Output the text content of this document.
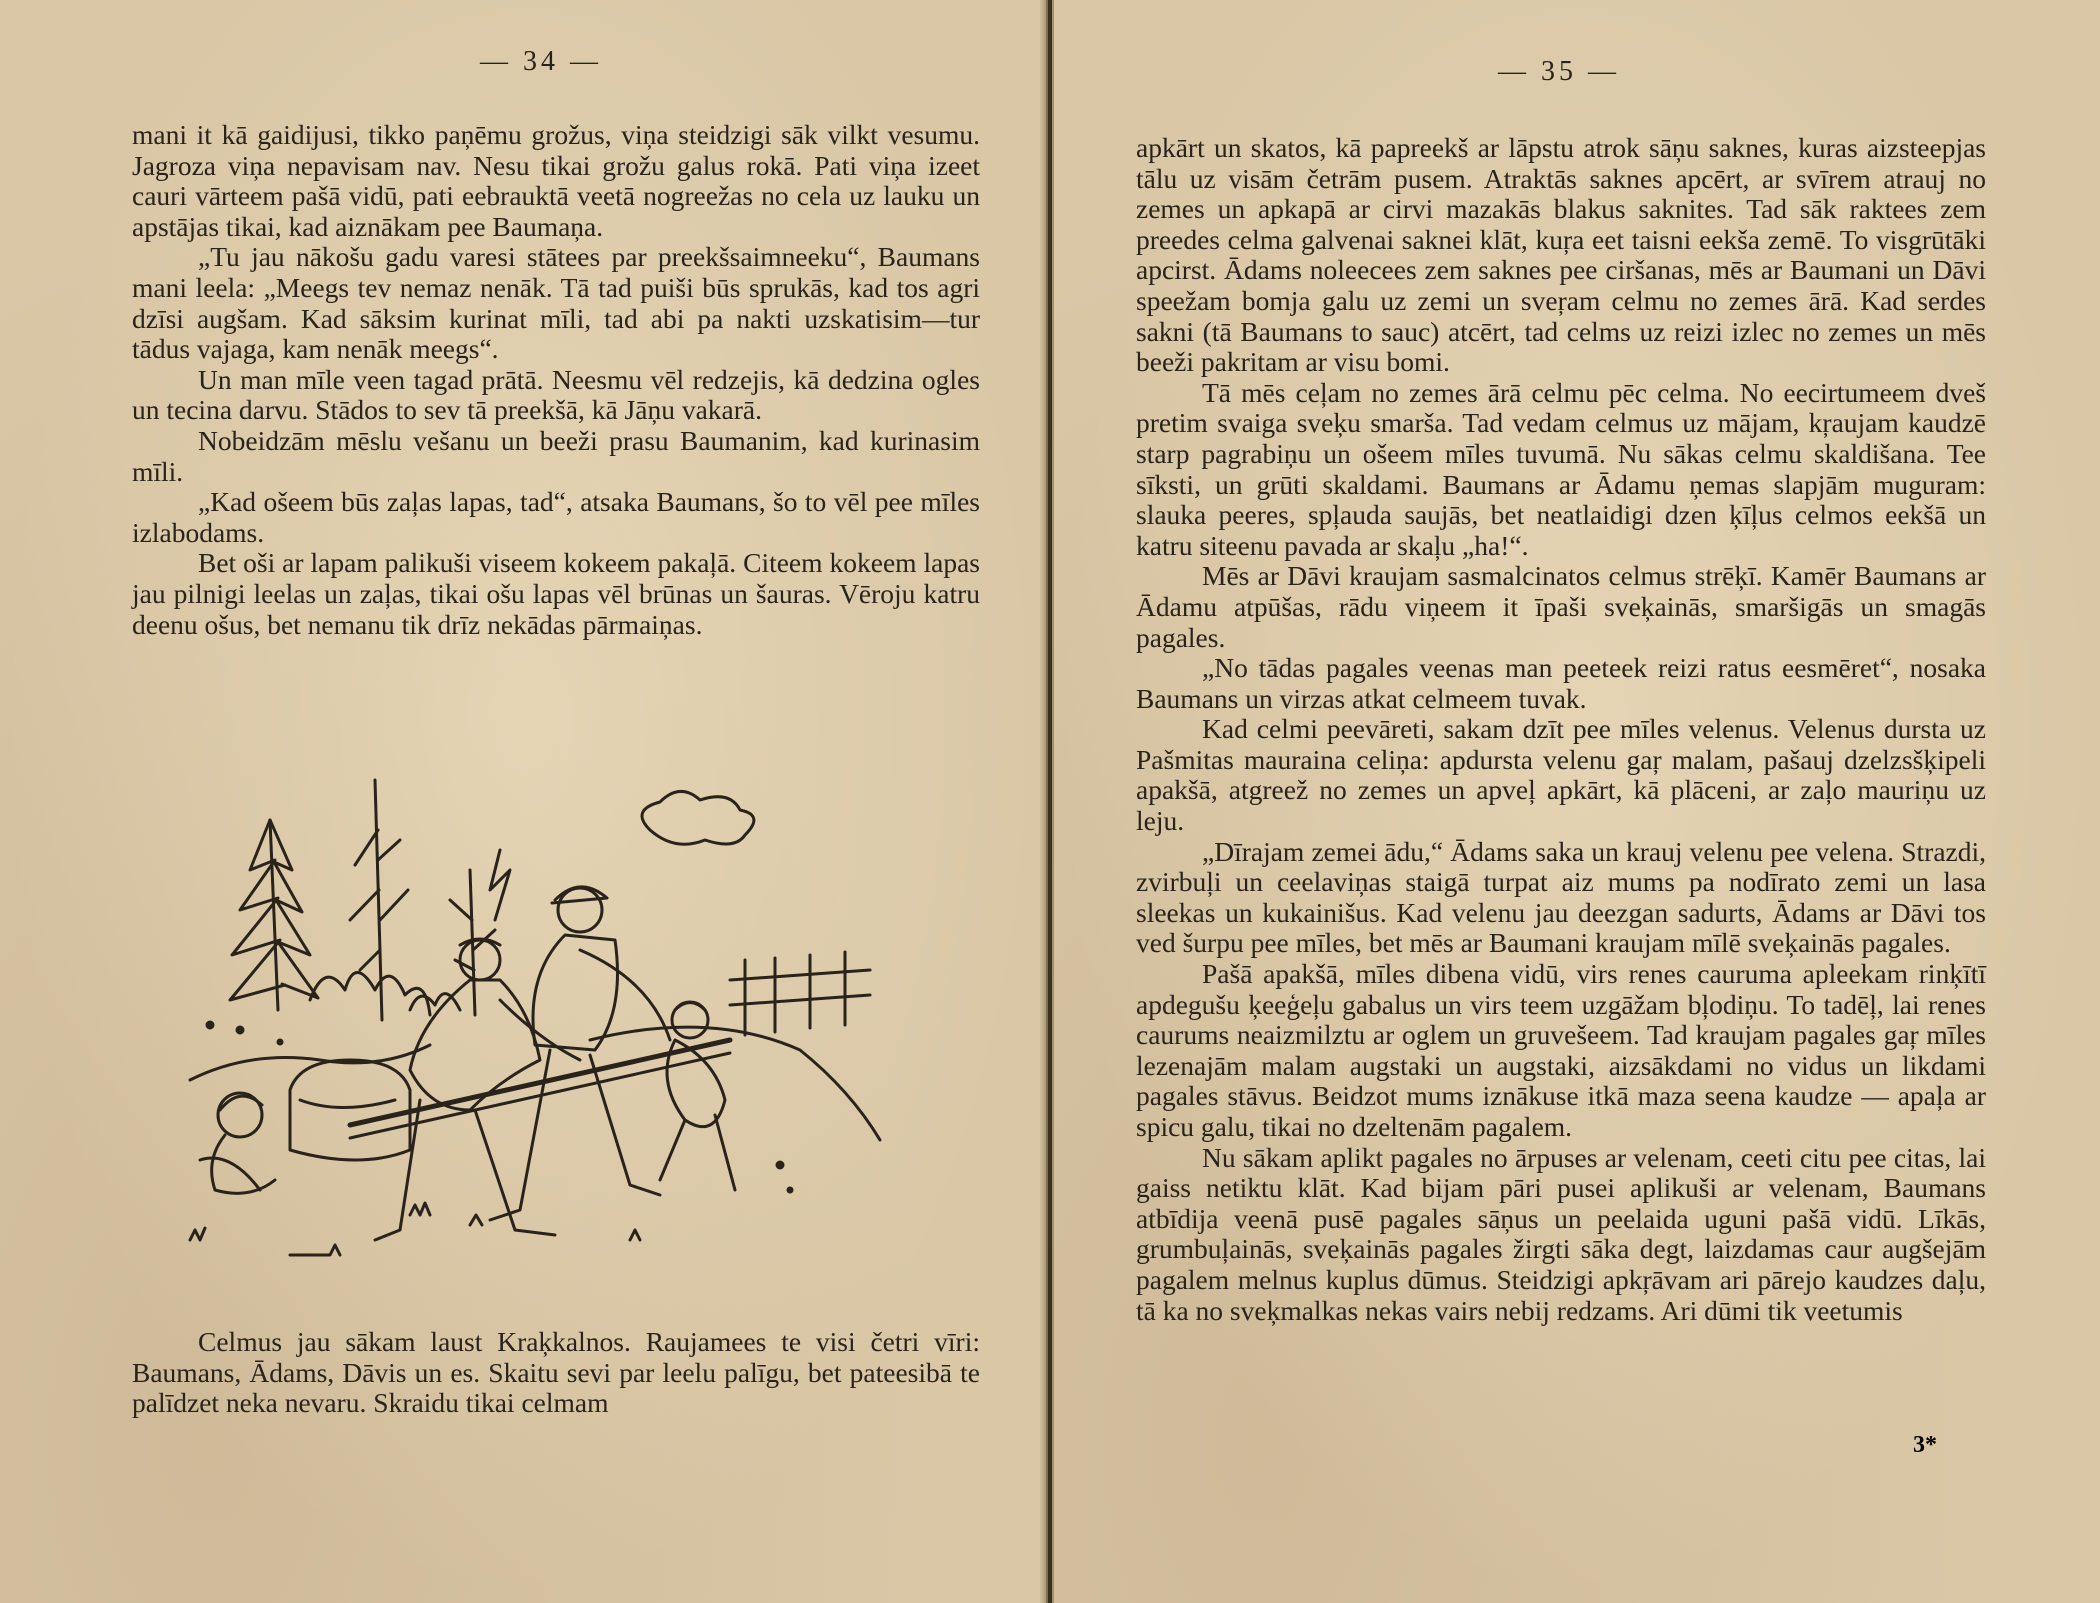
— 34 —

mani it kā gaidijusi, tikko paņēmu grožus, viņa steidzigi sāk vilkt vesumu. Jagroza viņa nepavisam nav. Nesu tikai grožu galus rokā. Pati viņa izeet cauri vārteem pašā vidū, pati eebrauktā veetā nogreežas no cela uz lauku un apstājas tikai, kad aiznākam pee Baumaņa.

„Tu jau nākošu gadu varesi stātees par preekšsaimneeku“, Baumans mani leela: „Meegs tev nemaz nenāk. Tā tad puiši būs sprukās, kad tos agri dzīsi augšam. Kad sāksim kurinat mīli, tad abi pa nakti uzskatisim—tur tādus vajaga, kam nenāk meegs“.

Un man mīle veen tagad prātā. Neesmu vēl redzejis, kā dedzina ogles un tecina darvu. Stādos to sev tā preekšā, kā Jāņu vakarā.

Nobeidzām mēslu vešanu un beeži prasu Baumanim, kad kurinasim mīli.

„Kad ošeem būs zaļas lapas, tad“, atsaka Baumans, šo to vēl pee mīles izlabodams.

Bet oši ar lapam palikuši viseem kokeem pakaļā. Citeem kokeem lapas jau pilnigi leelas un zaļas, tikai ošu lapas vēl brūnas un šauras. Vēroju katru deenu ošus, bet nemanu tik drīz nekādas pārmaiņas.

Celmus jau sākam laust Kraķkalnos. Raujamees te visi četri vīri: Baumans, Ādams, Dāvis un es. Skaitu sevi par leelu palīgu, bet pateesibā te palīdzet neka nevaru. Skraidu tikai celmam

— 35 —

apkārt un skatos, kā papreekš ar lāpstu atrok sāņu saknes, kuras aizsteepjas tālu uz visām četrām pusem. Atraktās saknes apcērt, ar svīrem atrauj no zemes un apkapā ar cirvi mazakās blakus saknites. Tad sāk raktees zem preedes celma galvenai saknei klāt, kuŗa eet taisni eekša zemē. To visgrūtāki apcirst. Ādams noleecees zem saknes pee ciršanas, mēs ar Baumani un Dāvi speežam bomja galu uz zemi un sveŗam celmu no zemes ārā. Kad serdes sakni (tā Baumans to sauc) atcērt, tad celms uz reizi izlec no zemes un mēs beeži pakritam ar visu bomi.

Tā mēs ceļam no zemes ārā celmu pēc celma. No eecirtumeem dveš pretim svaiga sveķu smarša. Tad vedam celmus uz mājam, kŗaujam kaudzē starp pagrabiņu un ošeem mīles tuvumā. Nu sākas celmu skaldišana. Tee sīksti, un grūti skaldami. Baumans ar Ādamu ņemas slapjām muguram: slauka peeres, spļauda saujās, bet neatlaidigi dzen ķīļus celmos eekšā un katru siteenu pavada ar skaļu „ha!“.

Mēs ar Dāvi kraujam sasmalcinatos celmus strēķī. Kamēr Baumans ar Ādamu atpūšas, rādu viņeem it īpaši sveķainās, smaršigās un smagās pagales.

„No tādas pagales veenas man peeteek reizi ratus eesmēret“, nosaka Baumans un virzas atkat celmeem tuvak.

Kad celmi peevāreti, sakam dzīt pee mīles velenus. Velenus dursta uz Pašmitas mauraina celiņa: apdursta velenu gaŗ malam, pašauj dzelzsšķipeli apakšā, atgreež no zemes un apveļ apkārt, kā plāceni, ar zaļo mauriņu uz leju.

„Dīrajam zemei ādu,“ Ādams saka un krauj velenu pee velena. Strazdi, zvirbuļi un ceelaviņas staigā turpat aiz mums pa nodīrato zemi un lasa sleekas un kukainišus. Kad velenu jau deezgan sadurts, Ādams ar Dāvi tos ved šurpu pee mīles, bet mēs ar Baumani kraujam mīlē sveķainās pagales.

Pašā apakšā, mīles dibena vidū, virs renes cauruma apleekam rinķītī apdegušu ķeeģeļu gabalus un virs teem uzgāžam bļodiņu. To tadēļ, lai renes caurums neaizmilztu ar oglem un gruvešeem. Tad kraujam pagales gaŗ mīles lezenajām malam augstaki un augstaki, aizsākdami no vidus un likdami pagales stāvus. Beidzot mums iznākuse itkā maza seena kaudze — apaļa ar spicu galu, tikai no dzeltenām pagalem.

Nu sākam aplikt pagales no ārpuses ar velenam, ceeti citu pee citas, lai gaiss netiktu klāt. Kad bijam pāri pusei aplikuši ar velenam, Baumans atbīdija veenā pusē pagales sāņus un peelaida uguni pašā vidū. Līkās, grumbuļainās, sveķainās pagales žirgti sāka degt, laizdamas caur augšejām pagalem melnus kuplus dūmus. Steidzigi apkŗāvam ari pārejo kaudzes daļu, tā ka no sveķmalkas nekas vairs nebij redzams. Ari dūmi tik veetumis

3*
